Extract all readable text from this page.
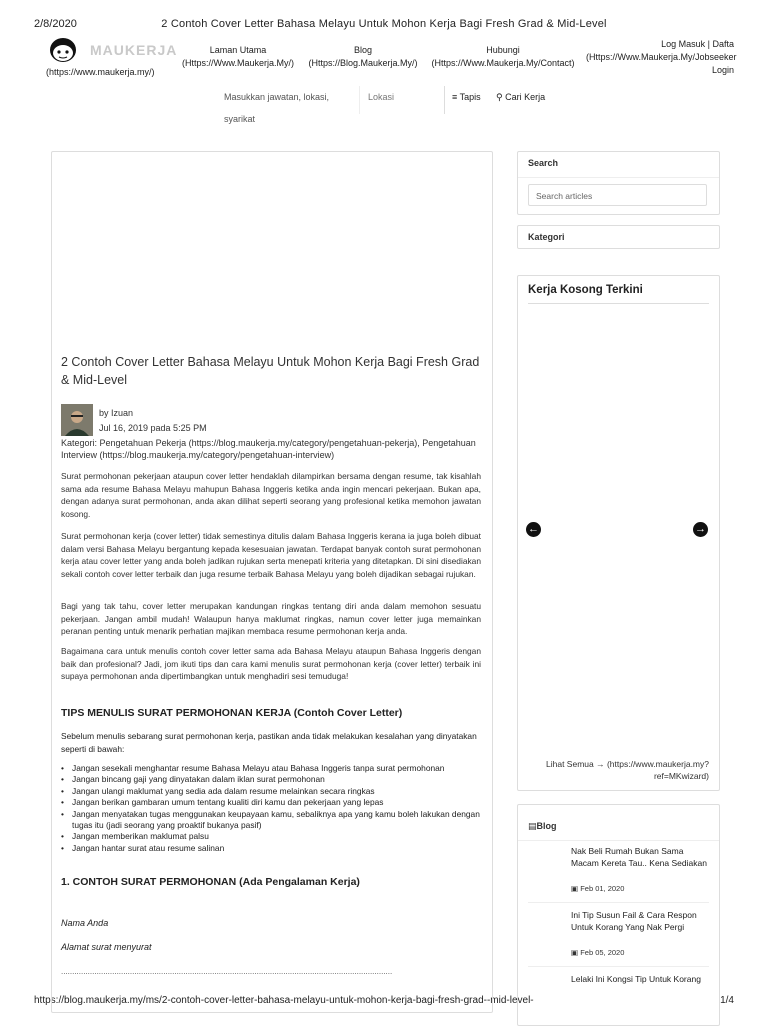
2/8/2020	2 Contoh Cover Letter Bahasa Melayu Untuk Mohon Kerja Bagi Fresh Grad & Mid-Level
https://blog.maukerja.my/ms/2-contoh-cover-letter-bahasa-melayu-untuk-mohon-kerja-bagi-fresh-grad--mid-level-	1/4
MAUKERJA
(https://www.maukerja.my/)
Laman Utama
(Https://Www.Maukerja.My/)
Blog
(Https://Blog.Maukerja.My/)
Hubungi
(Https://Www.Maukerja.My/Contact)
Log Masuk | Dafta
(Https://Www.Maukerja.My/Jobseeker
Login
Masukkan jawatan, lokasi, syarikat
Lokasi	≡ Tapis ⚲ Cari Kerja
2 Contoh Cover Letter Bahasa Melayu Untuk Mohon Kerja Bagi Fresh Grad & Mid-Level
by Izuan
Jul 16, 2019 pada 5:25 PM
Kategori: Pengetahuan Pekerja (https://blog.maukerja.my/category/pengetahuan-pekerja), Pengetahuan Interview (https://blog.maukerja.my/category/pengetahuan-interview)
Surat permohonan pekerjaan ataupun cover letter hendaklah dilampirkan bersama dengan resume, tak kisahlah sama ada resume Bahasa Melayu mahupun Bahasa Inggeris ketika anda ingin mencari pekerjaan. Bukan apa, dengan adanya surat permohonan, anda akan dilihat seperti seorang yang profesional ketika memohon jawatan kosong.
Surat permohonan kerja (cover letter) tidak semestinya ditulis dalam Bahasa Inggeris kerana ia juga boleh dibuat dalam versi Bahasa Melayu bergantung kepada kesesuaian jawatan. Terdapat banyak contoh surat permohonan kerja atau cover letter yang anda boleh jadikan rujukan serta menepati kriteria yang ditetapkan. Di sini disediakan sekali contoh cover letter terbaik dan juga resume terbaik Bahasa Melayu yang boleh dijadikan sebagai rujukan.
Bagi yang tak tahu, cover letter merupakan kandungan ringkas tentang diri anda dalam memohon sesuatu pekerjaan. Jangan ambil mudah! Walaupun hanya maklumat ringkas, namun cover letter juga memainkan peranan penting untuk menarik perhatian majikan membaca resume permohonan kerja anda.
Bagaimana cara untuk menulis contoh cover letter sama ada Bahasa Melayu ataupun Bahasa Inggeris dengan baik dan profesional? Jadi, jom ikuti tips dan cara kami menulis surat permohonan kerja (cover letter) terbaik ini supaya permohonan anda dipertimbangkan untuk menghadiri sesi temuduga!
TIPS MENULIS SURAT PERMOHONAN KERJA (Contoh Cover Letter)
Sebelum menulis sebarang surat permohonan kerja, pastikan anda tidak melakukan kesalahan yang dinyatakan seperti di bawah:
• Jangan sesekali menghantar resume Bahasa Melayu atau Bahasa Inggeris tanpa surat permohonan
• Jangan bincang gaji yang dinyatakan dalam iklan surat permohonan
• Jangan ulangi maklumat yang sedia ada dalam resume melainkan secara ringkas
• Jangan berikan gambaran umum tentang kualiti diri kamu dan pekerjaan yang lepas
• Jangan menyatakan tugas menggunakan keupayaan kamu, sebaliknya apa yang kamu boleh lakukan dengan tugas itu (jadi seorang yang proaktif bukanya pasif)
• Jangan memberikan maklumat palsu
• Jangan hantar surat atau resume salinan
1. CONTOH SURAT PERMOHONAN (Ada Pengalaman Kerja)
Nama Anda
Alamat surat menyurat
.....................................................................................................................................................
Search
Search articles
Kategori
Kerja Kosong Terkini
←	→
Lihat Semua → (https://www.maukerja.my?ref=MKwizard)
▤Blog
Nak Beli Rumah Bukan Sama Macam Kereta Tau.. Kena Sediakan
▣ Feb 01, 2020
Ini Tip Susun Fail & Cara Respon Untuk Korang Yang Nak Pergi
▣ Feb 05, 2020
Lelaki Ini Kongsi Tip Untuk Korang
